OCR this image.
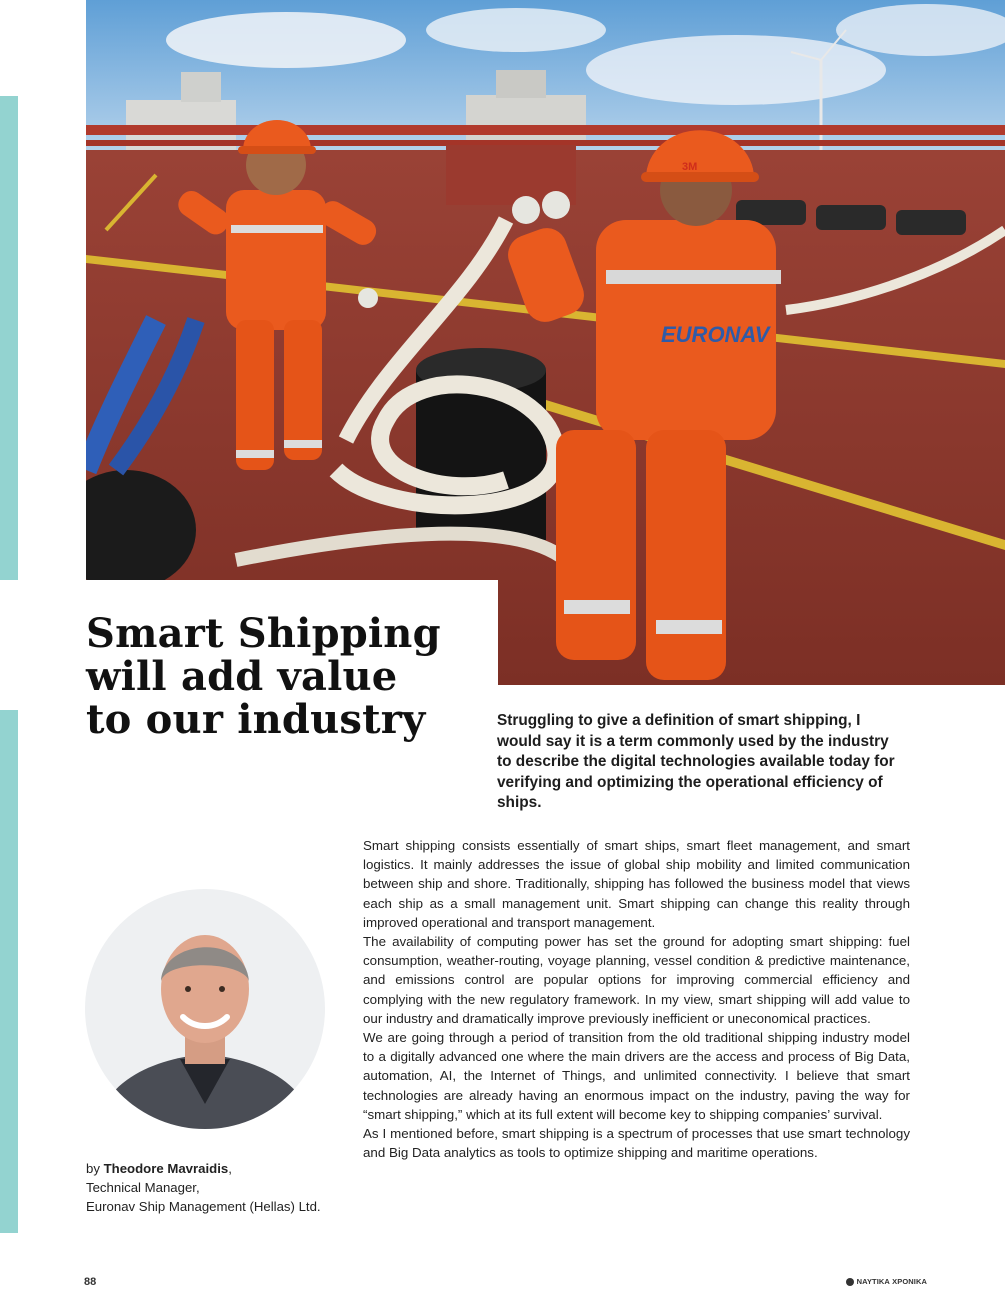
EURONAV
3M
Smart Shipping
will add value
to our industry	Struggling to give a definition of smart shipping, I would say it is a term commonly used by the industry to describe the digital technologies available today for verifying and optimizing the operational efficiency of ships.

Smart shipping consists essentially of smart ships, smart fleet management, and smart logistics. It mainly addresses the issue of global ship mobility and limited communication between ship and shore. Traditionally, shipping has followed the business model that views each ship as a small management unit. Smart shipping can change this reality through improved operational and transport management.

The availability of computing power has set the ground for adopting smart shipping: fuel consumption, weather-routing, voyage planning, vessel condition & predictive maintenance, and emissions control are popular options for improving commercial efficiency and complying with the new regulatory framework. In my view, smart shipping will add value to our industry and dramatically improve previously inefficient or uneconomical practices.

We are going through a period of transition from the old traditional shipping industry model to a digitally advanced one where the main drivers are the access and process of Big Data, automation, AI, the Internet of Things, and unlimited connectivity. I believe that smart technologies are already having an enormous impact on the industry, paving the way for “smart shipping,” which at its full extent will become key to shipping companies’ survival.

As I mentioned before, smart shipping is a spectrum of processes that use smart technology and Big Data analytics as tools to optimize shipping and maritime operations.

by Theodore Mavraidis,
Technical Manager,
Euronav Ship Management (Hellas) Ltd.
88	ΝΑΥΤΙΚΑ ΧΡΟΝΙΚΑ
